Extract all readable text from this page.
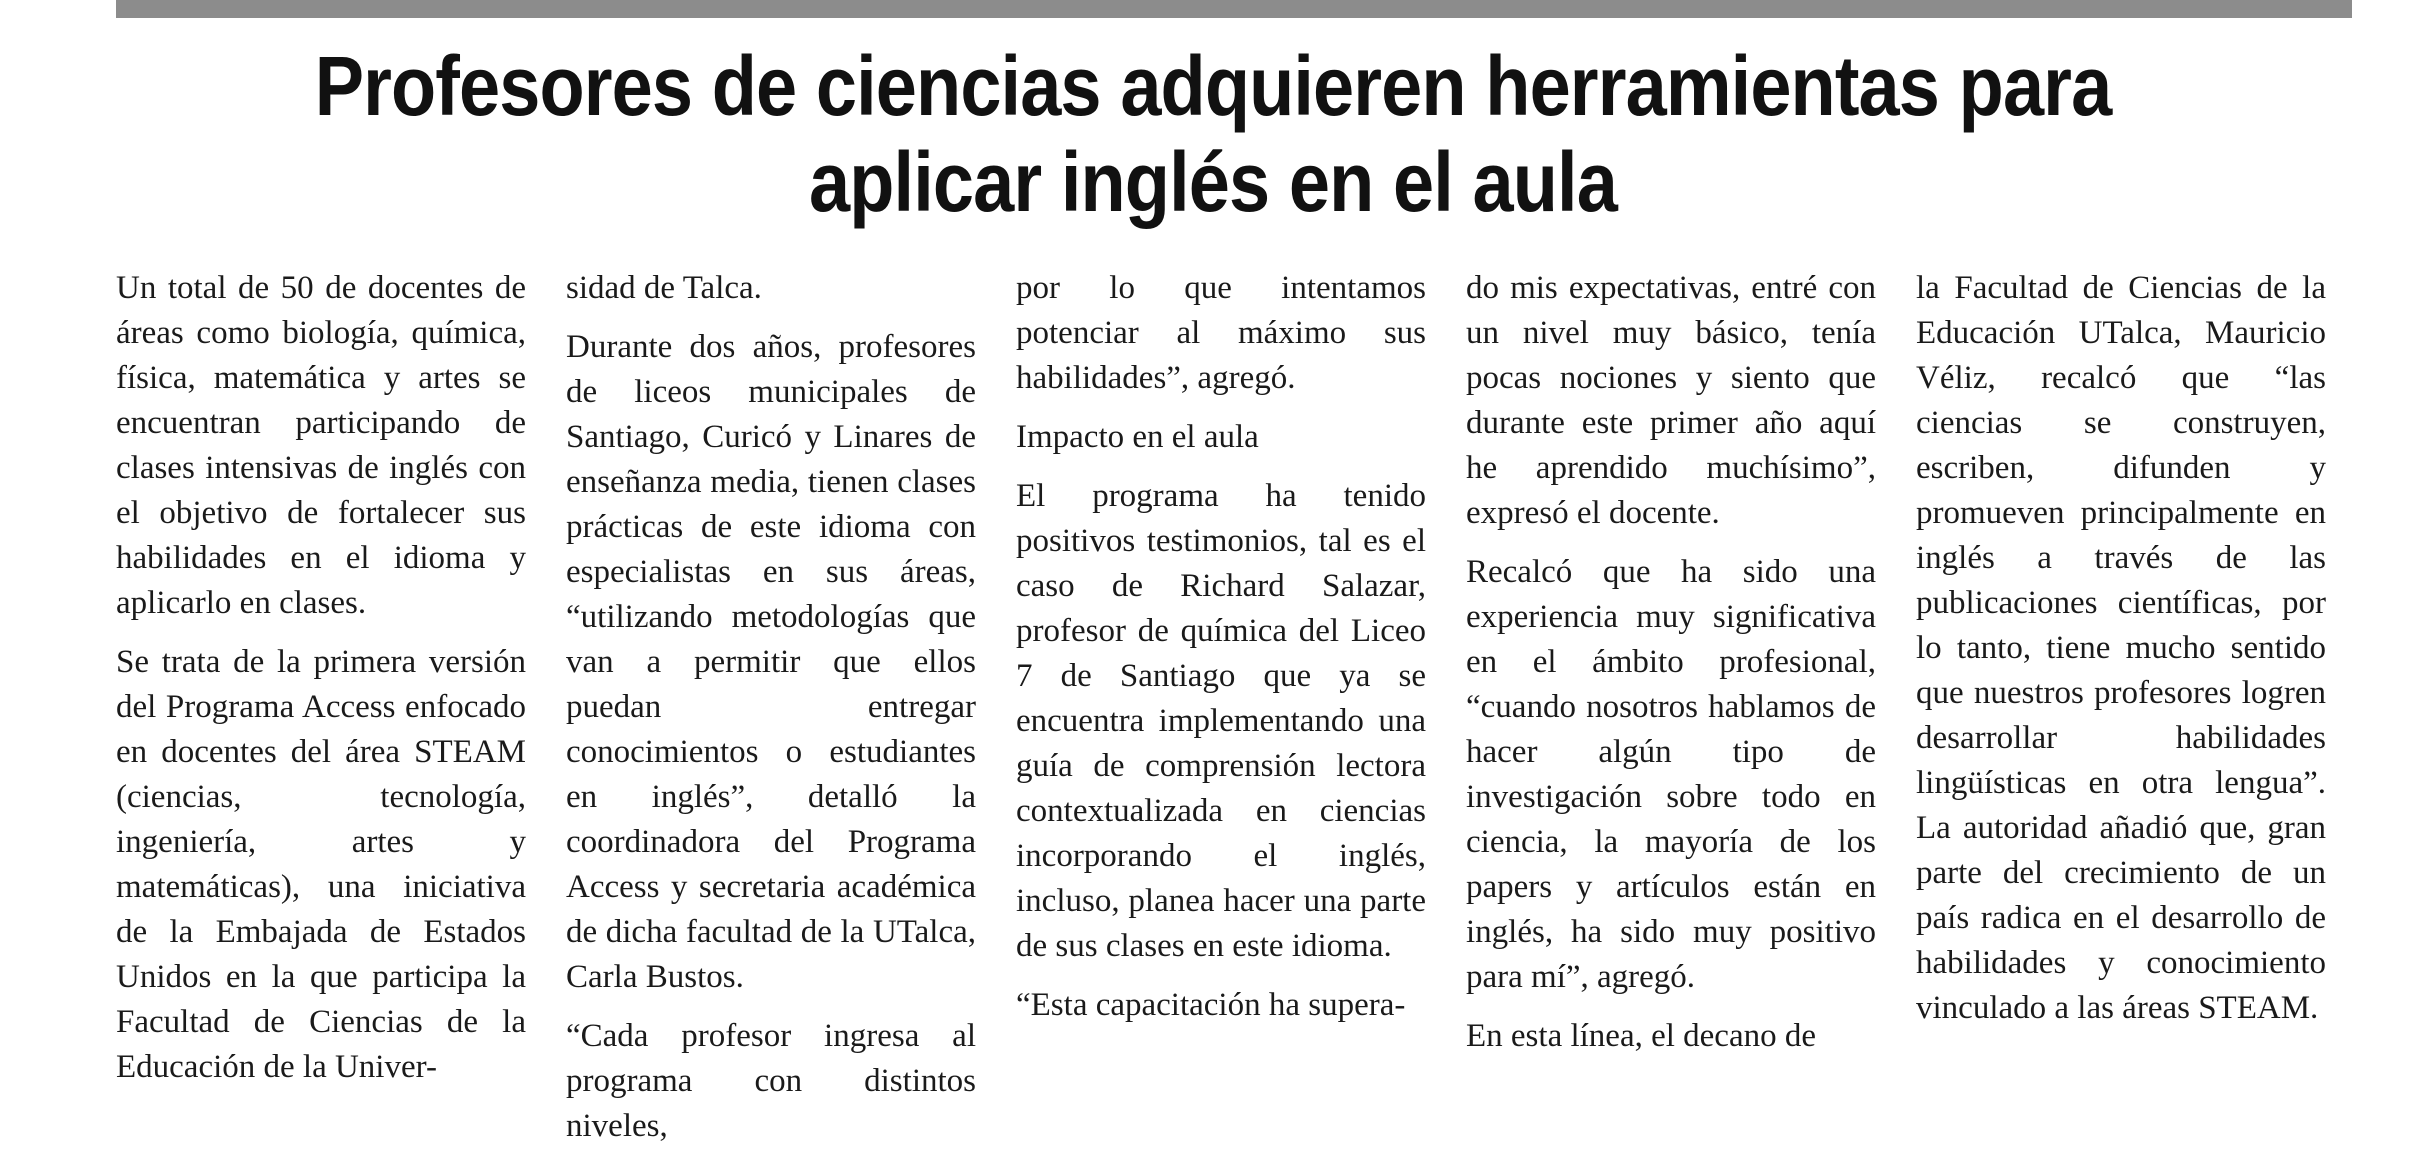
Profesores de ciencias adquieren herramientas para
aplicar inglés en el aula

Un total de 50 de docentes de áreas como biología, química, física, matemática y artes se encuentran participando de clases intensivas de inglés con el objetivo de fortalecer sus habilidades en el idioma y aplicarlo en clases.

Se trata de la primera versión del Programa Access enfocado en docentes del área STEAM (ciencias, tecnología, ingeniería, artes y matemáticas), una iniciativa de la Embajada de Estados Unidos en la que participa la Facultad de Ciencias de la Educación de la Univer-

sidad de Talca.

Durante dos años, profesores de liceos municipales de Santiago, Curicó y Linares de enseñanza media, tienen clases prácticas de este idioma con especialistas en sus áreas, “utilizando metodologías que van a permitir que ellos puedan entregar conocimientos o estudiantes en inglés”, detalló la coordinadora del Programa Access y secretaria académica de dicha facultad de la UTalca, Carla Bustos.

“Cada profesor ingresa al programa con distintos niveles,

por lo que intentamos potenciar al máximo sus habilidades”, agregó.

Impacto en el aula

El programa ha tenido positivos testimonios, tal es el caso de Richard Salazar, profesor de química del Liceo 7 de Santiago que ya se encuentra implementando una guía de comprensión lectora contextualizada en ciencias incorporando el inglés, incluso, planea hacer una parte de sus clases en este idioma.

“Esta capacitación ha supera-

do mis expectativas, entré con un nivel muy básico, tenía pocas nociones y siento que durante este primer año aquí he aprendido muchísimo”, expresó el docente.

Recalcó que ha sido una experiencia muy significativa en el ámbito profesional, “cuando nosotros hablamos de hacer algún tipo de investigación sobre todo en ciencia, la mayoría de los papers y artículos están en inglés, ha sido muy positivo para mí”, agregó.

En esta línea, el decano de

la Facultad de Ciencias de la Educación UTalca, Mauricio Véliz, recalcó que “las ciencias se construyen, escriben, difunden y promueven principalmente en inglés a través de las publicaciones científicas, por lo tanto, tiene mucho sentido que nuestros profesores logren desarrollar habilidades lingüísticas en otra lengua”. La autoridad añadió que, gran parte del crecimiento de un país radica en el desarrollo de habilidades y conocimiento vinculado a las áreas STEAM.
